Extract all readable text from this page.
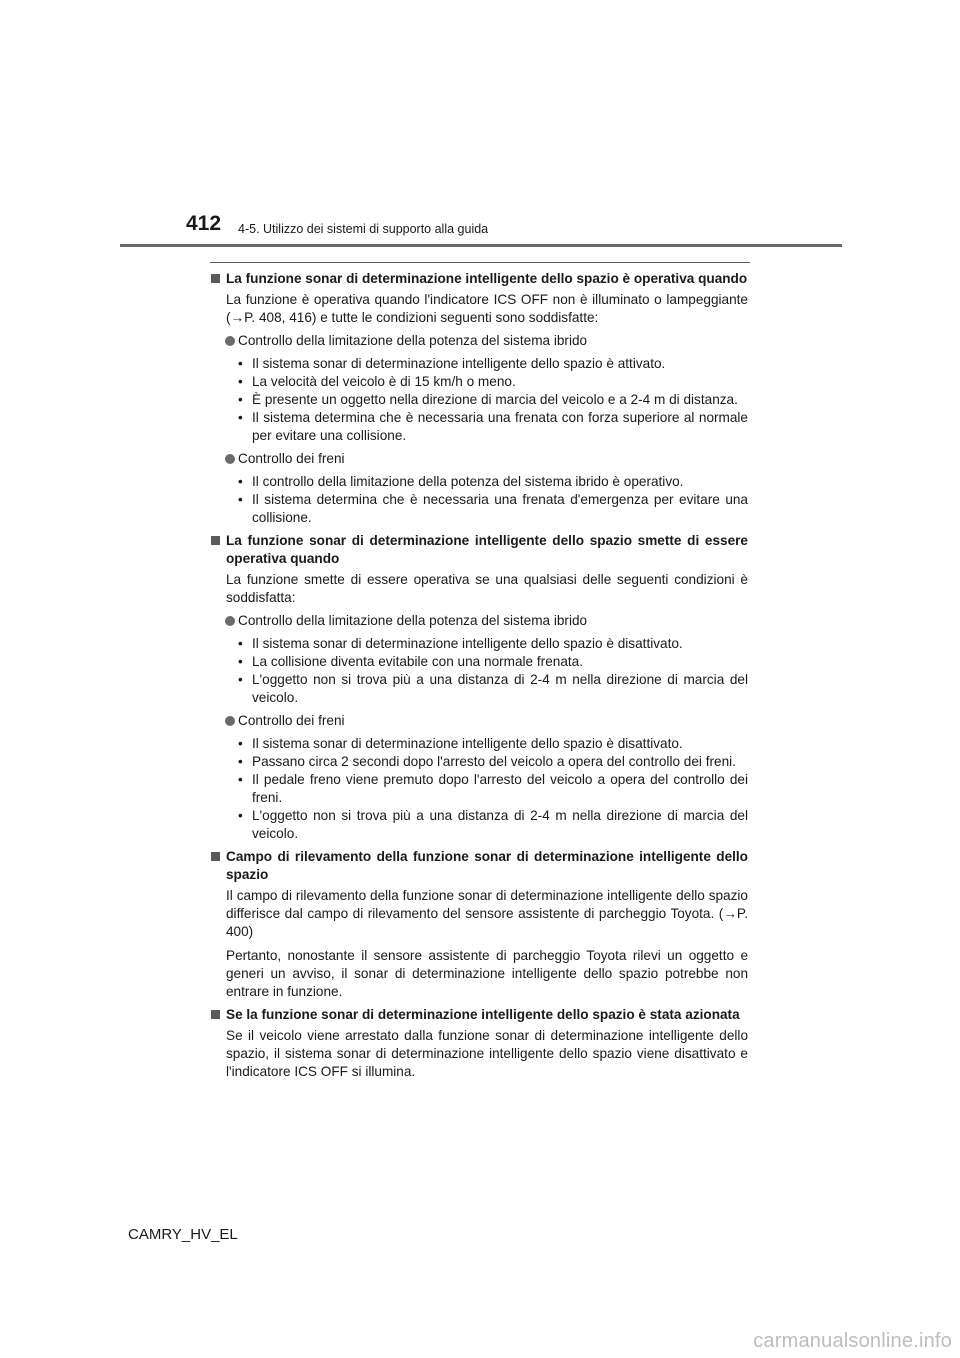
412 4-5. Utilizzo dei sistemi di supporto alla guida
La funzione sonar di determinazione intelligente dello spazio è operativa quando
La funzione è operativa quando l'indicatore ICS OFF non è illuminato o lampeggiante (→P. 408, 416) e tutte le condizioni seguenti sono soddisfatte:
Controllo della limitazione della potenza del sistema ibrido
• Il sistema sonar di determinazione intelligente dello spazio è attivato.
• La velocità del veicolo è di 15 km/h o meno.
• È presente un oggetto nella direzione di marcia del veicolo e a 2-4 m di distanza.
• Il sistema determina che è necessaria una frenata con forza superiore al normale per evitare una collisione.
Controllo dei freni
• Il controllo della limitazione della potenza del sistema ibrido è operativo.
• Il sistema determina che è necessaria una frenata d'emergenza per evitare una collisione.
La funzione sonar di determinazione intelligente dello spazio smette di essere operativa quando
La funzione smette di essere operativa se una qualsiasi delle seguenti condizioni è soddisfatta:
Controllo della limitazione della potenza del sistema ibrido
• Il sistema sonar di determinazione intelligente dello spazio è disattivato.
• La collisione diventa evitabile con una normale frenata.
• L'oggetto non si trova più a una distanza di 2-4 m nella direzione di marcia del veicolo.
Controllo dei freni
• Il sistema sonar di determinazione intelligente dello spazio è disattivato.
• Passano circa 2 secondi dopo l'arresto del veicolo a opera del controllo dei freni.
• Il pedale freno viene premuto dopo l'arresto del veicolo a opera del controllo dei freni.
• L'oggetto non si trova più a una distanza di 2-4 m nella direzione di marcia del veicolo.
Campo di rilevamento della funzione sonar di determinazione intelligente dello spazio
Il campo di rilevamento della funzione sonar di determinazione intelligente dello spazio differisce dal campo di rilevamento del sensore assistente di parcheggio Toyota. (→P. 400)
Pertanto, nonostante il sensore assistente di parcheggio Toyota rilevi un oggetto e generi un avviso, il sonar di determinazione intelligente dello spazio potrebbe non entrare in funzione.
Se la funzione sonar di determinazione intelligente dello spazio è stata azionata
Se il veicolo viene arrestato dalla funzione sonar di determinazione intelligente dello spazio, il sistema sonar di determinazione intelligente dello spazio viene disattivato e l'indicatore ICS OFF si illumina.
CAMRY_HV_EL
carmanualsonline.info
